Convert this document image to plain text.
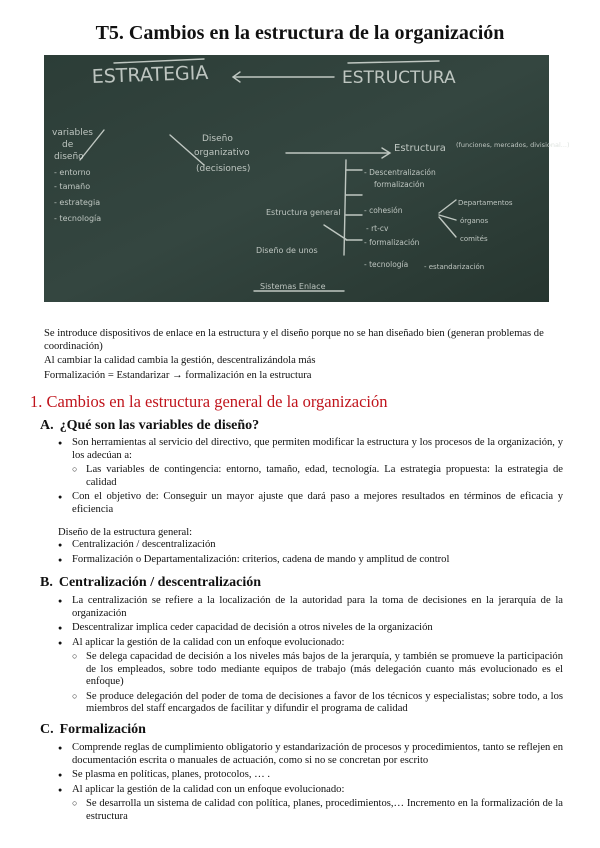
T5. Cambios en la estructura de la organización
ESTRATEGIA	ESTRUCTURA
variables
de
diseño
- entorno
- tamaño
- estrategia
- tecnología
Diseño
organizativo
(decisiones)
Estructura (funciones, mercados, divisional...)
- Descentralización
formalización
- cohesión
- rt-cv
- formalización
- tecnología
Estructura general
Diseño de unos
Sistemas Enlace
Departamentos
órganos
comités
- estandarización

Se introduce dispositivos de enlace en la estructura y el diseño porque no se han diseñado bien (generan problemas de coordinación)

Al cambiar la calidad cambia la gestión, descentralizándola más

Formalización = Estandarizar → formalización en la estructura

1. Cambios en la estructura general de la organización
A. ¿Qué son las variables de diseño?
● Son herramientas al servicio del directivo, que permiten modificar la estructura y los procesos de la organización, y los adecúan a:
○ Las variables de contingencia: entorno, tamaño, edad, tecnología. La estrategia propuesta: la estrategia de calidad
● Con el objetivo de: Conseguir un mayor ajuste que dará paso a mejores resultados en términos de eficacia y eficiencia
Diseño de la estructura general:
● Centralización / descentralización
● Formalización o Departamentalización: criterios, cadena de mando y amplitud de control
B. Centralización / descentralización
● La centralización se refiere a la localización de la autoridad para la toma de decisiones en la jerarquía de la organización
● Descentralizar implica ceder capacidad de decisión a otros niveles de la organización
● Al aplicar la gestión de la calidad con un enfoque evolucionado:
○ Se delega capacidad de decisión a los niveles más bajos de la jerarquía, y también se promueve la participación de los empleados, sobre todo mediante equipos de trabajo (más delegación cuanto más evolucionado es el enfoque)
○ Se produce delegación del poder de toma de decisiones a favor de los técnicos y especialistas; sobre todo, a los miembros del staff encargados de facilitar y difundir el programa de calidad
C. Formalización
● Comprende reglas de cumplimiento obligatorio y estandarización de procesos y procedimientos, tanto se reflejen en documentación escrita o manuales de actuación, como si no se concretan por escrito
● Se plasma en políticas, planes, protocolos, … .
● Al aplicar la gestión de la calidad con un enfoque evolucionado:
○ Se desarrolla un sistema de calidad con política, planes, procedimientos,… Incremento en la formalización de la estructura
